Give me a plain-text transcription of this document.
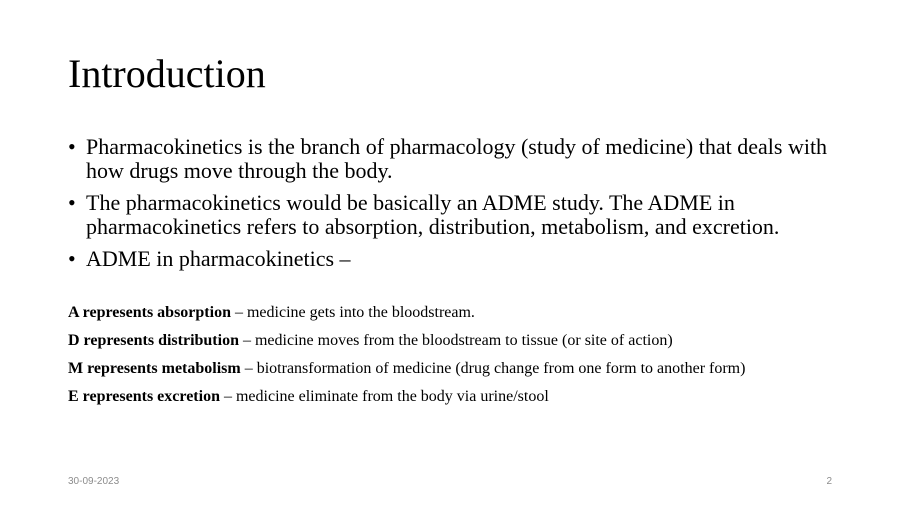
Introduction
• Pharmacokinetics is the branch of pharmacology (study of medicine) that deals with how drugs move through the body.
• The pharmacokinetics would be basically an ADME study. The ADME in pharmacokinetics refers to absorption, distribution, metabolism, and excretion.
• ADME in pharmacokinetics –
A represents absorption – medicine gets into the bloodstream.
D represents distribution – medicine moves from the bloodstream to tissue (or site of action)
M represents metabolism – biotransformation of medicine (drug change from one form to another form)
E represents excretion – medicine eliminate from the body via urine/stool
30-09-2023	2
